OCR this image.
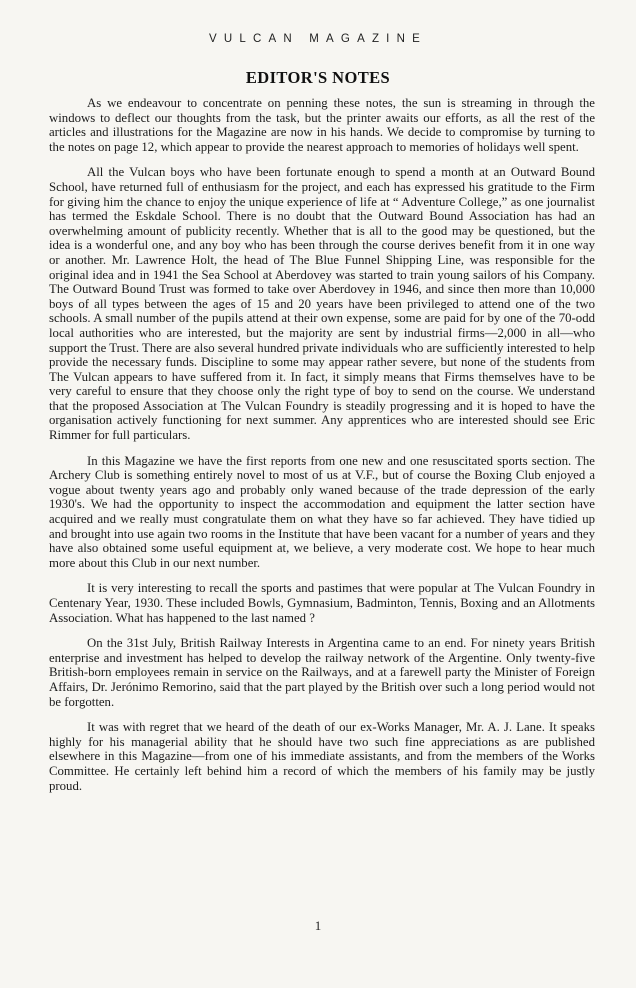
VULCAN MAGAZINE
EDITOR'S NOTES

As we endeavour to concentrate on penning these notes, the sun is streaming in through the windows to deflect our thoughts from the task, but the printer awaits our efforts, as all the rest of the articles and illustrations for the Magazine are now in his hands. We decide to compromise by turning to the notes on page 12, which appear to provide the nearest approach to memories of holidays well spent.

All the Vulcan boys who have been fortunate enough to spend a month at an Outward Bound School, have returned full of enthusiasm for the project, and each has expressed his gratitude to the Firm for giving him the chance to enjoy the unique experience of life at “ Adventure College,” as one journalist has termed the Eskdale School. There is no doubt that the Outward Bound Association has had an overwhelming amount of publicity recently. Whether that is all to the good may be questioned, but the idea is a wonderful one, and any boy who has been through the course derives benefit from it in one way or another. Mr. Lawrence Holt, the head of The Blue Funnel Shipping Line, was responsible for the original idea and in 1941 the Sea School at Aberdovey was started to train young sailors of his Company. The Outward Bound Trust was formed to take over Aberdovey in 1946, and since then more than 10,000 boys of all types between the ages of 15 and 20 years have been privileged to attend one of the two schools. A small number of the pupils attend at their own expense, some are paid for by one of the 70-odd local authorities who are interested, but the majority are sent by industrial firms—2,000 in all—who support the Trust. There are also several hundred private individuals who are sufficiently interested to help provide the necessary funds. Discipline to some may appear rather severe, but none of the students from The Vulcan appears to have suffered from it. In fact, it simply means that Firms themselves have to be very careful to ensure that they choose only the right type of boy to send on the course. We understand that the proposed Association at The Vulcan Foundry is steadily progressing and it is hoped to have the organisation actively functioning for next summer. Any apprentices who are interested should see Eric Rimmer for full particulars.

In this Magazine we have the first reports from one new and one resuscitated sports section. The Archery Club is something entirely novel to most of us at V.F., but of course the Boxing Club enjoyed a vogue about twenty years ago and probably only waned because of the trade depression of the early 1930's. We had the opportunity to inspect the accommodation and equipment the latter section have acquired and we really must congratulate them on what they have so far achieved. They have tidied up and brought into use again two rooms in the Institute that have been vacant for a number of years and they have also obtained some useful equipment at, we believe, a very moderate cost. We hope to hear much more about this Club in our next number.

It is very interesting to recall the sports and pastimes that were popular at The Vulcan Foundry in Centenary Year, 1930. These included Bowls, Gymnasium, Badminton, Tennis, Boxing and an Allotments Association. What has happened to the last named ?

On the 31st July, British Railway Interests in Argentina came to an end. For ninety years British enterprise and investment has helped to develop the railway network of the Argentine. Only twenty-five British-born employees remain in service on the Railways, and at a farewell party the Minister of Foreign Affairs, Dr. Jerónimo Remorino, said that the part played by the British over such a long period would not be forgotten.

It was with regret that we heard of the death of our ex-Works Manager, Mr. A. J. Lane. It speaks highly for his managerial ability that he should have two such fine appreciations as are published elsewhere in this Magazine—from one of his immediate assistants, and from the members of the Works Committee. He certainly left behind him a record of which the members of his family may be justly proud.

1
